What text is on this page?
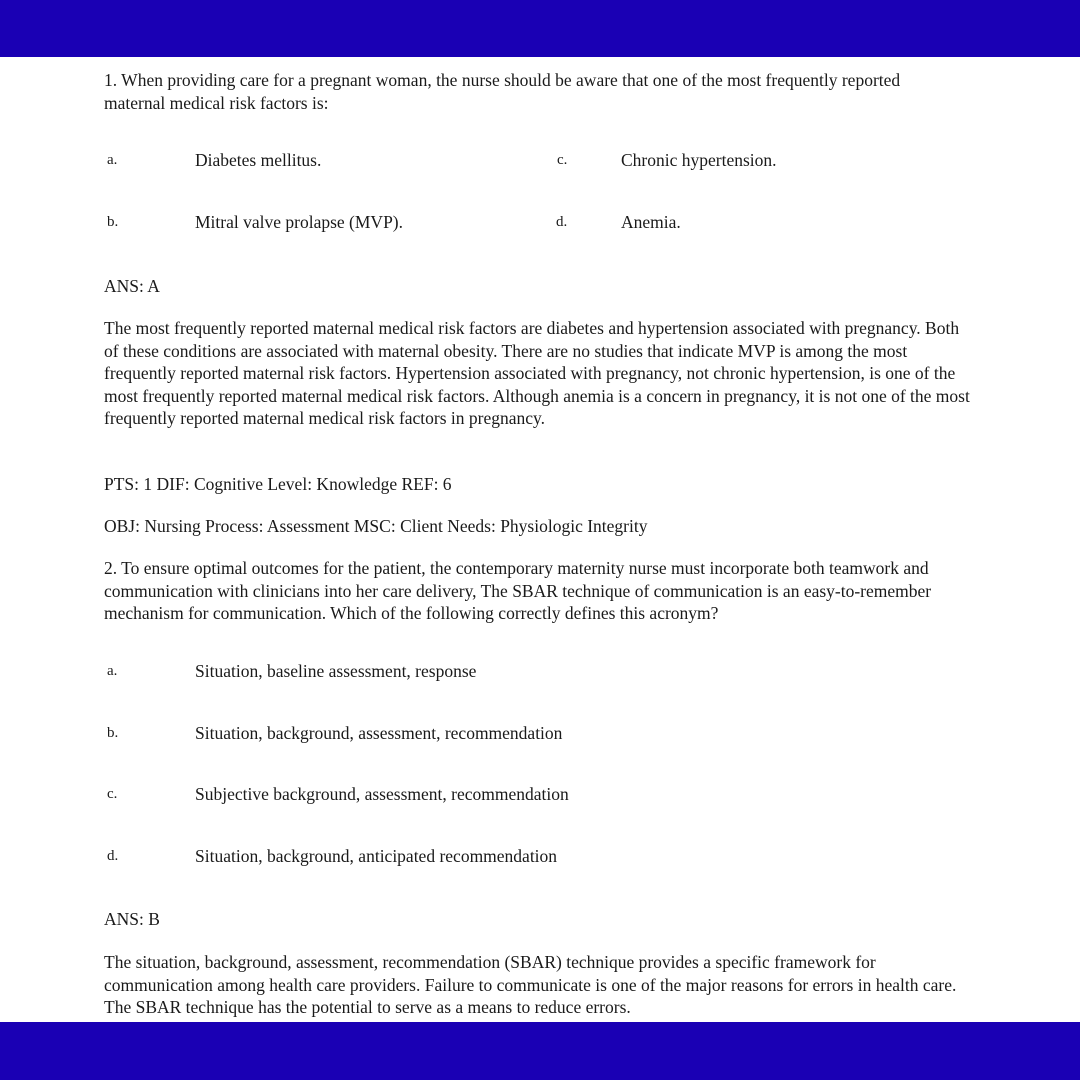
1. When providing care for a pregnant woman, the nurse should be aware that one of the most frequently reported maternal medical risk factors is:

a.	Diabetes mellitus.	c.	Chronic hypertension.
b.	Mitral valve prolapse (MVP).	d.	Anemia.
ANS: A

The most frequently reported maternal medical risk factors are diabetes and hypertension associated with pregnancy. Both of these conditions are associated with maternal obesity. There are no studies that indicate MVP is among the most frequently reported maternal risk factors. Hypertension associated with pregnancy, not chronic hypertension, is one of the most frequently reported maternal medical risk factors. Although anemia is a concern in pregnancy, it is not one of the most frequently reported maternal medical risk factors in pregnancy.

PTS: 1 DIF: Cognitive Level: Knowledge REF: 6
OBJ: Nursing Process: Assessment MSC: Client Needs: Physiologic Integrity

2. To ensure optimal outcomes for the patient, the contemporary maternity nurse must incorporate both teamwork and communication with clinicians into her care delivery, The SBAR technique of communication is an easy-to-remember mechanism for communication. Which of the following correctly defines this acronym?

a.	Situation, baseline assessment, response
b.	Situation, background, assessment, recommendation
c.	Subjective background, assessment, recommendation
d.	Situation, background, anticipated recommendation
ANS: B

The situation, background, assessment, recommendation (SBAR) technique provides a specific framework for communication among health care providers. Failure to communicate is one of the major reasons for errors in health care. The SBAR technique has the potential to serve as a means to reduce errors.
